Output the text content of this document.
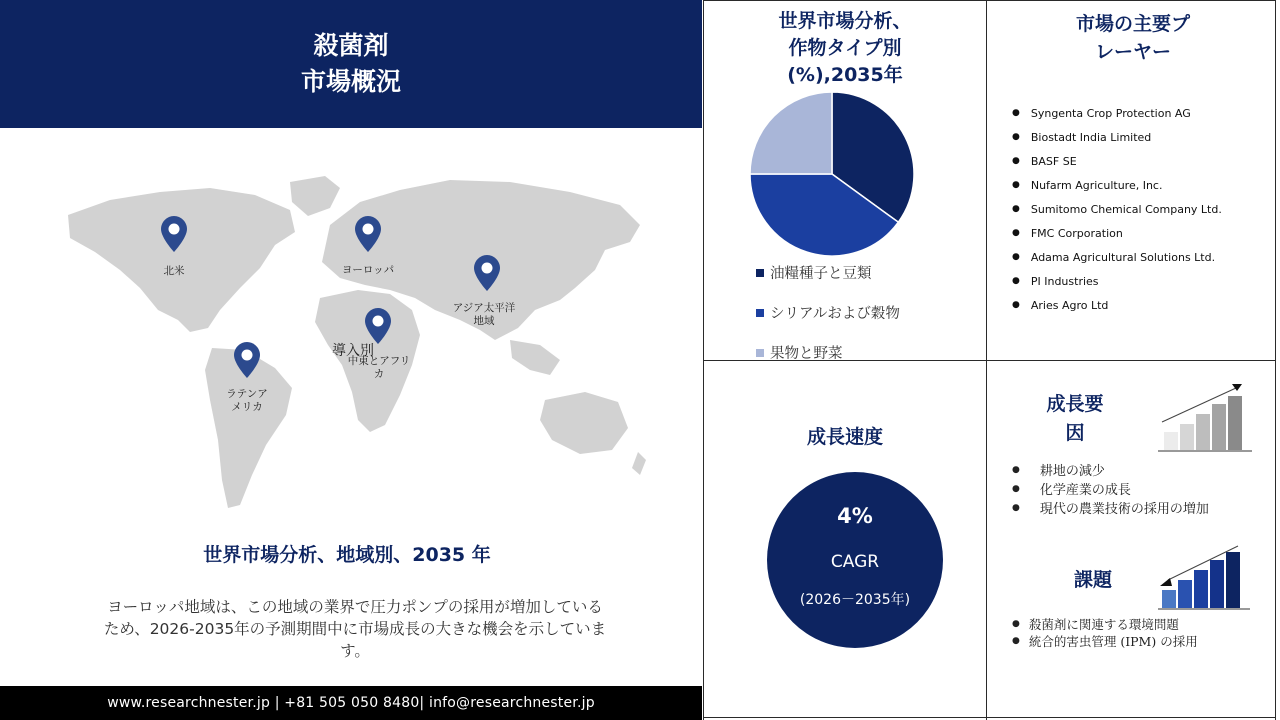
殺菌剤
市場概況
北米	ヨーロッパ
アジア太平洋地域
導入別
中東とアフリカ
ラテンアメリカ
世界市場分析、地域別、2035 年
ヨーロッパ地域は、この地域の業界で圧力ポンプの採用が増加しているため、2026-2035年の予測期間中に市場成長の大きな機会を示しています。
www.researchnester.jp | +81 505 050 8480| info@researchnester.jp
世界市場分析、
作物タイプ別
(%),2035年
油糧種子と豆類
シリアルおよび穀物
果物と野菜
市場の主要プ
レーヤー
● Syngenta Crop Protection AG
● Biostadt India Limited
● BASF SE
● Nufarm Agriculture, Inc.
● Sumitomo Chemical Company Ltd.
● FMC Corporation
● Adama Agricultural Solutions Ltd.
● PI Industries
● Aries Agro Ltd
成長速度
4%
CAGR
(2026－2035年)
成長要
因
● 耕地の減少
● 化学産業の成長
● 現代の農業技術の採用の増加
課題
● 殺菌剤に関連する環境問題
● 統合的害虫管理 (IPM) の採用
